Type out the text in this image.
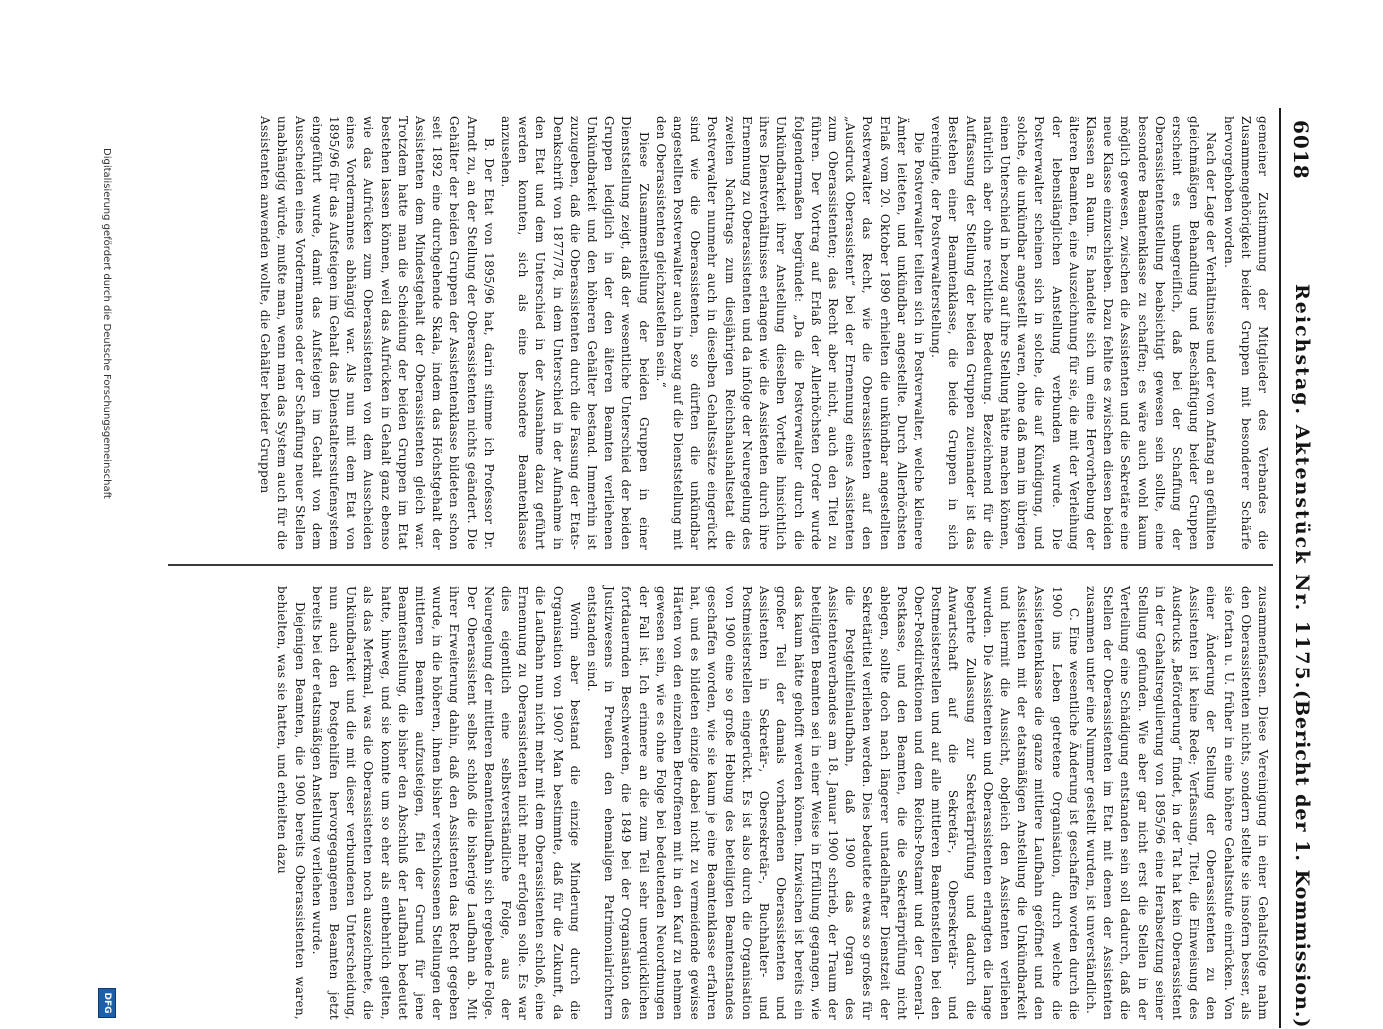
6018
Reichstag. Aktenstück Nr. 1175.
(Bericht der 1. Kommission.)

gemeiner Zustimmung der Mitglieder des Verbandes die Zusammengehörigkeit beider Gruppen mit besonderer Schärfe hervorgehoben worden.

Nach der Lage der Verhältnisse und der von Anfang an gefühlten gleichmäßigen Behandlung und Beschäftigung beider Gruppen erscheint es unbegreiflich, daß bei der Schaffung der Oberassistentenstellung beabsichtigt gewesen sein sollte, eine besondere Beamtenklasse zu schaffen; es wäre auch wohl kaum möglich gewesen, zwischen die Assistenten und die Sekretäre eine neue Klasse einzuschieben. Dazu fehlte es zwischen diesen beiden Klassen an Raum. Es handelte sich um eine Hervorhebung der älteren Beamten, eine Auszeichnung für sie, die mit der Verleihung der lebenslänglichen Anstellung verbunden wurde. Die Postverwalter scheinen sich in solche, die auf Kündigung, und solche, die unkündbar angestellt waren, ohne daß man im übrigen einen Unterschied in bezug auf ihre Stellung hätte machen können, natürlich aber ohne rechtliche Bedeutung. Bezeichnend für die Auffassung der Stellung der beiden Gruppen zueinander ist das Bestehen einer Beamtenklasse, die beide Gruppen in sich vereinigte, der Postverwalterstellung.

Die Postverwalter teilten sich in Postverwalter, welche kleinere Ämter leiteten, und unkündbar angestellte. Durch Allerhöchsten Erlaß vom 20. Oktober 1890 erhielten die unkündbar angestellten Postverwalter das Recht, wie die Oberassistenten auf den „Ausdruck Oberassistent“ bei der Ernennung eines Assistenten zum Oberassistenten; das Recht aber nicht, auch den Titel zu führen. Der Vortrag auf Erlaß der Allerhöchsten Order wurde folgendermaßen begründet: „Da die Postverwalter durch die Unkündbarkeit ihrer Anstellung dieselben Vorteile hinsichtlich ihres Dienstverhältnisses erlangen wie die Assistenten durch ihre Ernennung zu Oberassistenten und da infolge der Neuregelung des zweiten Nachtrags zum diesjährigen Reichshaushaltsetat die Postverwalter nunmehr auch in dieselben Gehaltssätze eingerückt sind wie die Oberassistenten, so dürften die unkündbar angestellten Postverwalter auch in bezug auf die Dienststellung mit den Oberassistenten gleichzustellen sein.“

Diese Zusammenstellung der beiden Gruppen in einer Dienststellung zeigt, daß der wesentliche Unterschied der beiden Gruppen lediglich in der den älteren Beamten verliehenen Unkündbarkeit und den höheren Gehälter bestand. Immerhin ist zuzugeben, daß die Oberassistenten durch die Fassung der Etats-Denkschrift von 1877/78, in dem Unterschied in der Aufnahme in den Etat und dem Unterschied in der Ausnahme dazu geführt werden konnten, sich als eine besondere Beamtenklasse anzusehen.

B. Der Etat von 1895/96 hat, darin stimme ich Professor Dr. Arndt zu, an der Stellung der Oberassistenten nichts geändert. Die Gehälter der beiden Gruppen der Assistentenklasse bildeten schon seit 1892 eine durchgehende Skala, indem das Höchstgehalt der Assistenten dem Mindestgehalt der Oberassistenten gleich war. Trotzdem hatte man die Scheidung der beiden Gruppen im Etat bestehen lassen können, weil das Aufrücken in Gehalt ganz ebenso wie das Aufrücken zum Oberassistenten von dem Ausscheiden eines Vordermannes abhängig war. Als nun mit dem Etat von 1895/96 für das Aufsteigen im Gehalt das Dienstaltersstufensystem eingeführt wurde, damit das Aufsteigen im Gehalt von dem Ausscheiden eines Vordermannes oder der Schaffung neuer Stellen unabhängig würde, mußte man, wenn man das System auch für die Assistenten anwenden wollte, die Gehälter beider Gruppen

zusammenfassen. Diese Vereinigung in einer Gehaltsfolge nahm den Oberassistenten nichts, sondern stellte sie insofern besser, als sie fortan u. U. früher in eine höhere Gehaltsstufe einrücken. Von einer Änderung der Stellung der Oberassistenten zu den Assistenten ist keine Rede; Verfassung, Titel, die Einweisung des Ausdrucks „Beförderung“ findet, in der Tat hat kein Oberassistent in der Gehaltsregulierung von 1895/96 eine Herabsetzung seiner Stellung gefunden. Wie aber gar nicht erst die Stellen in der Verteilung eine Schädigung entstanden sein soll dadurch, daß die Stellen der Oberassistenten im Etat mit denen der Assistenten zusammen unter eine Nummer gestellt wurden, ist unverständlich.

C. Eine wesentliche Änderung ist geschaffen worden durch die 1900 ins Leben getretene Organisation, durch welche die Assistentenklasse die ganze mittlere Laufbahn geöffnet und den Assistenten mit der etatsmäßigen Anstellung die Unkündbarkeit und hiermit die Aussicht, obgleich den Assistenten verliehen wurden. Die Assistenten und Oberassistenten erlangten die lange begehrte Zulassung zur Sekretärprüfung und dadurch die Anwartschaft auf die Sekretär-, Obersekretär- und Postmeisterstellen und auf alle mittleren Beamtenstellen bei den Ober-Postdirektionen und dem Reichs-Postamt und der General-Postkasse, und den Beamten, die die Sekretärprüfung nicht ablegen, sollte doch nach längerer untadelhafter Dienstzeit der Sekretärtitel verliehen werden. Dies bedeutete etwas so großes für die Postgehilfenlaufbahn, daß 1900 das Organ des Assistentenverbandes am 18. Januar 1900 schrieb, der Traum der beteiligten Beamten sei in einer Weise in Erfüllung gegangen, wie das kaum hätte gehofft werden können. Inzwischen ist bereits ein großer Teil der damals vorhandenen Oberassistenten und Assistenten in Sekretär-, Obersekretär-, Buchhalter- und Postmeisterstellen eingerückt. Es ist also durch die Organisation von 1900 eine so große Hebung des beteiligten Beamtenstandes geschaffen worden, wie sie kaum je eine Beamtenklasse erfahren hat, und es bildeten einzige dabei nicht zu vermeidende gewisse Härten von den einzelnen Betroffenen mit in den Kauf zu nehmen gewesen sein, wie es ohne Folge bei bedeutenden Neuordnungen der Fall ist. Ich erinnere an die zum Teil sehr unerquicklichen fortdauernden Beschwerden, die 1849 bei der Organisation des Justizwesens in Preußen den ehemaligen Patrimonialrichtern entstanden sind.

Worin aber bestand die einzige Minderung durch die Organisation von 1900? Man bestimmte, daß für die Zukunft, da die Laufbahn nun nicht mehr mit dem Oberassistenten schloß, eine Ernennung zu Oberassistenten nicht mehr erfolgen solle. Es war dies eigentlich eine selbstverständliche Folge, aus der Neuregelung der mittleren Beamtenlaufbahn sich ergebende Folge. Der Oberassistent selbst schloß die bisherige Laufbahn ab. Mit ihrer Erweiterung dahin, daß den Assistenten das Recht gegeben wurde, in die höheren, ihnen bisher verschlossenen Stellungen der mittleren Beamten aufzusteigen, fiel der Grund für jene Beamtenstellung, die bisher den Abschluß der Laufbahn bedeutet hatte, hinweg, und sie konnte um so eher als entbehrlich gelten, als das Merkmal, was die Oberassistenten noch auszeichnete, die Unkündbarkeit und die mit dieser verbundenen Unterscheidung, nun auch den Postgehilfen hervorgegangenen Beamten jetzt bereits bei der etatsmäßigen Anstellung verliehen wurde.

Diejenigen Beamten, die 1900 bereits Oberassistenten waren, behielten, was sie hatten, und erhielten dazu

Digitalisierung gefördert durch die Deutsche Forschungsgemeinschaft
DFG
